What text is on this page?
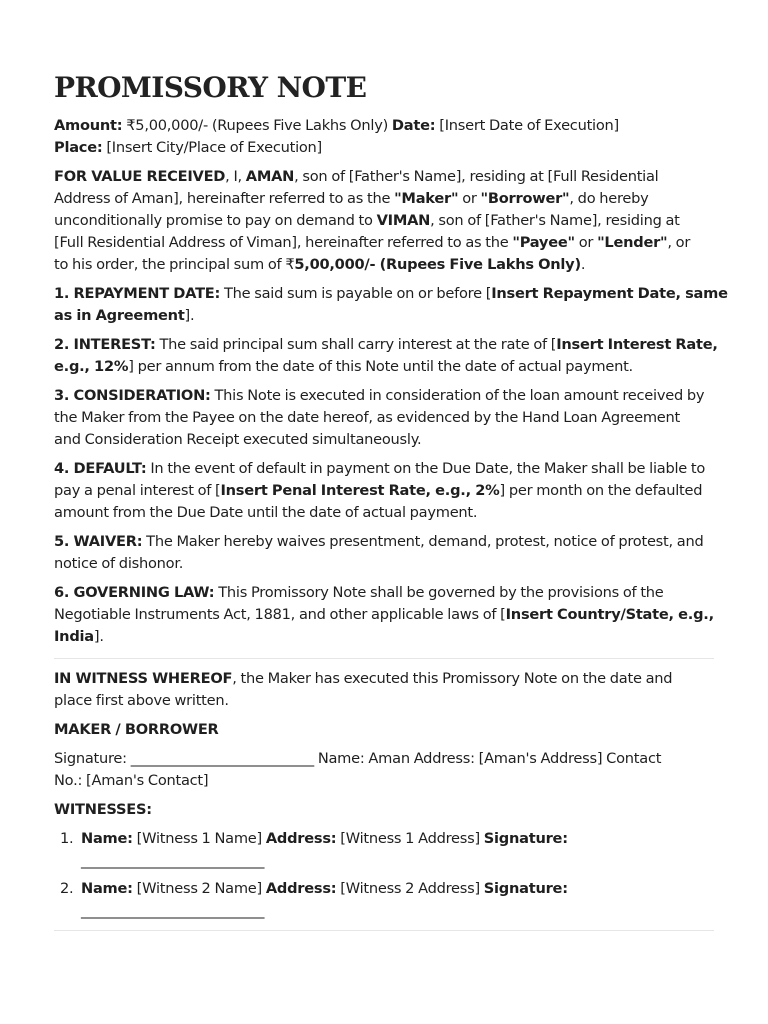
PROMISSORY NOTE

Amount: ₹5,00,000/- (Rupees Five Lakhs Only) Date: [Insert Date of Execution] Place: [Insert City/Place of Execution]

FOR VALUE RECEIVED, I, AMAN, son of [Father's Name], residing at [Full Residential

Address of Aman], hereinafter referred to as the "Maker" or "Borrower", do hereby

unconditionally promise to pay on demand to VIMAN, son of [Father's Name], residing at

[Full Residential Address of Viman], hereinafter referred to as the "Payee" or "Lender", or

to his order, the principal sum of ₹5,00,000/- (Rupees Five Lakhs Only).

1. REPAYMENT DATE: The said sum is payable on or before [Insert Repayment Date, same

as in Agreement].

2. INTEREST: The said principal sum shall carry interest at the rate of [Insert Interest Rate,

e.g., 12%] per annum from the date of this Note until the date of actual payment.

3. CONSIDERATION: This Note is executed in consideration of the loan amount received by

the Maker from the Payee on the date hereof, as evidenced by the Hand Loan Agreement

and Consideration Receipt executed simultaneously.

4. DEFAULT: In the event of default in payment on the Due Date, the Maker shall be liable to

pay a penal interest of [Insert Penal Interest Rate, e.g., 2%] per month on the defaulted

amount from the Due Date until the date of actual payment.

5. WAIVER: The Maker hereby waives presentment, demand, protest, notice of protest, and

notice of dishonor.

6. GOVERNING LAW: This Promissory Note shall be governed by the provisions of the

Negotiable Instruments Act, 1881, and other applicable laws of [Insert Country/State, e.g.,

India].

IN WITNESS WHEREOF, the Maker has executed this Promissory Note on the date and

place first above written.

MAKER / BORROWER

Signature: __________________________ Name: Aman Address: [Aman's Address] Contact

No.: [Aman's Contact]

WITNESSES:

1. Name: [Witness 1 Name] Address: [Witness 1 Address] Signature:
__________________________
2. Name: [Witness 2 Name] Address: [Witness 2 Address] Signature:
__________________________
